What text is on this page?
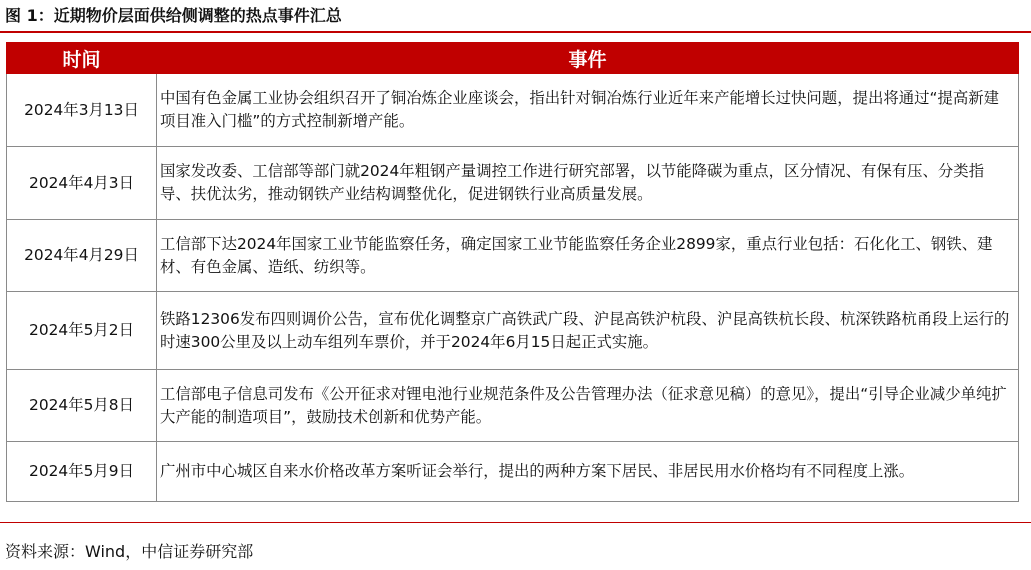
图 1：近期物价层面供给侧调整的热点事件汇总
时间	事件
2024年3月13日	中国有色金属工业协会组织召开了铜冶炼企业座谈会，指出针对铜冶炼行业近年来产能增长过快问题，提出将通过“提高新建项目准入门槛”的方式控制新增产能。
2024年4月3日	国家发改委、工信部等部门就2024年粗钢产量调控工作进行研究部署，以节能降碳为重点，区分情况、有保有压、分类指导、扶优汰劣，推动钢铁产业结构调整优化，促进钢铁行业高质量发展。
2024年4月29日	工信部下达2024年国家工业节能监察任务，确定国家工业节能监察任务企业2899家，重点行业包括：石化化工、钢铁、建材、有色金属、造纸、纺织等。
2024年5月2日	铁路12306发布四则调价公告，宣布优化调整京广高铁武广段、沪昆高铁沪杭段、沪昆高铁杭长段、杭深铁路杭甬段上运行的时速300公里及以上动车组列车票价，并于2024年6月15日起正式实施。
2024年5月8日	工信部电子信息司发布《公开征求对锂电池行业规范条件及公告管理办法（征求意见稿）的意见》，提出“引导企业减少单纯扩大产能的制造项目”，鼓励技术创新和优势产能。
2024年5月9日	广州市中心城区自来水价格改革方案听证会举行，提出的两种方案下居民、非居民用水价格均有不同程度上涨。
资料来源：Wind，中信证券研究部
